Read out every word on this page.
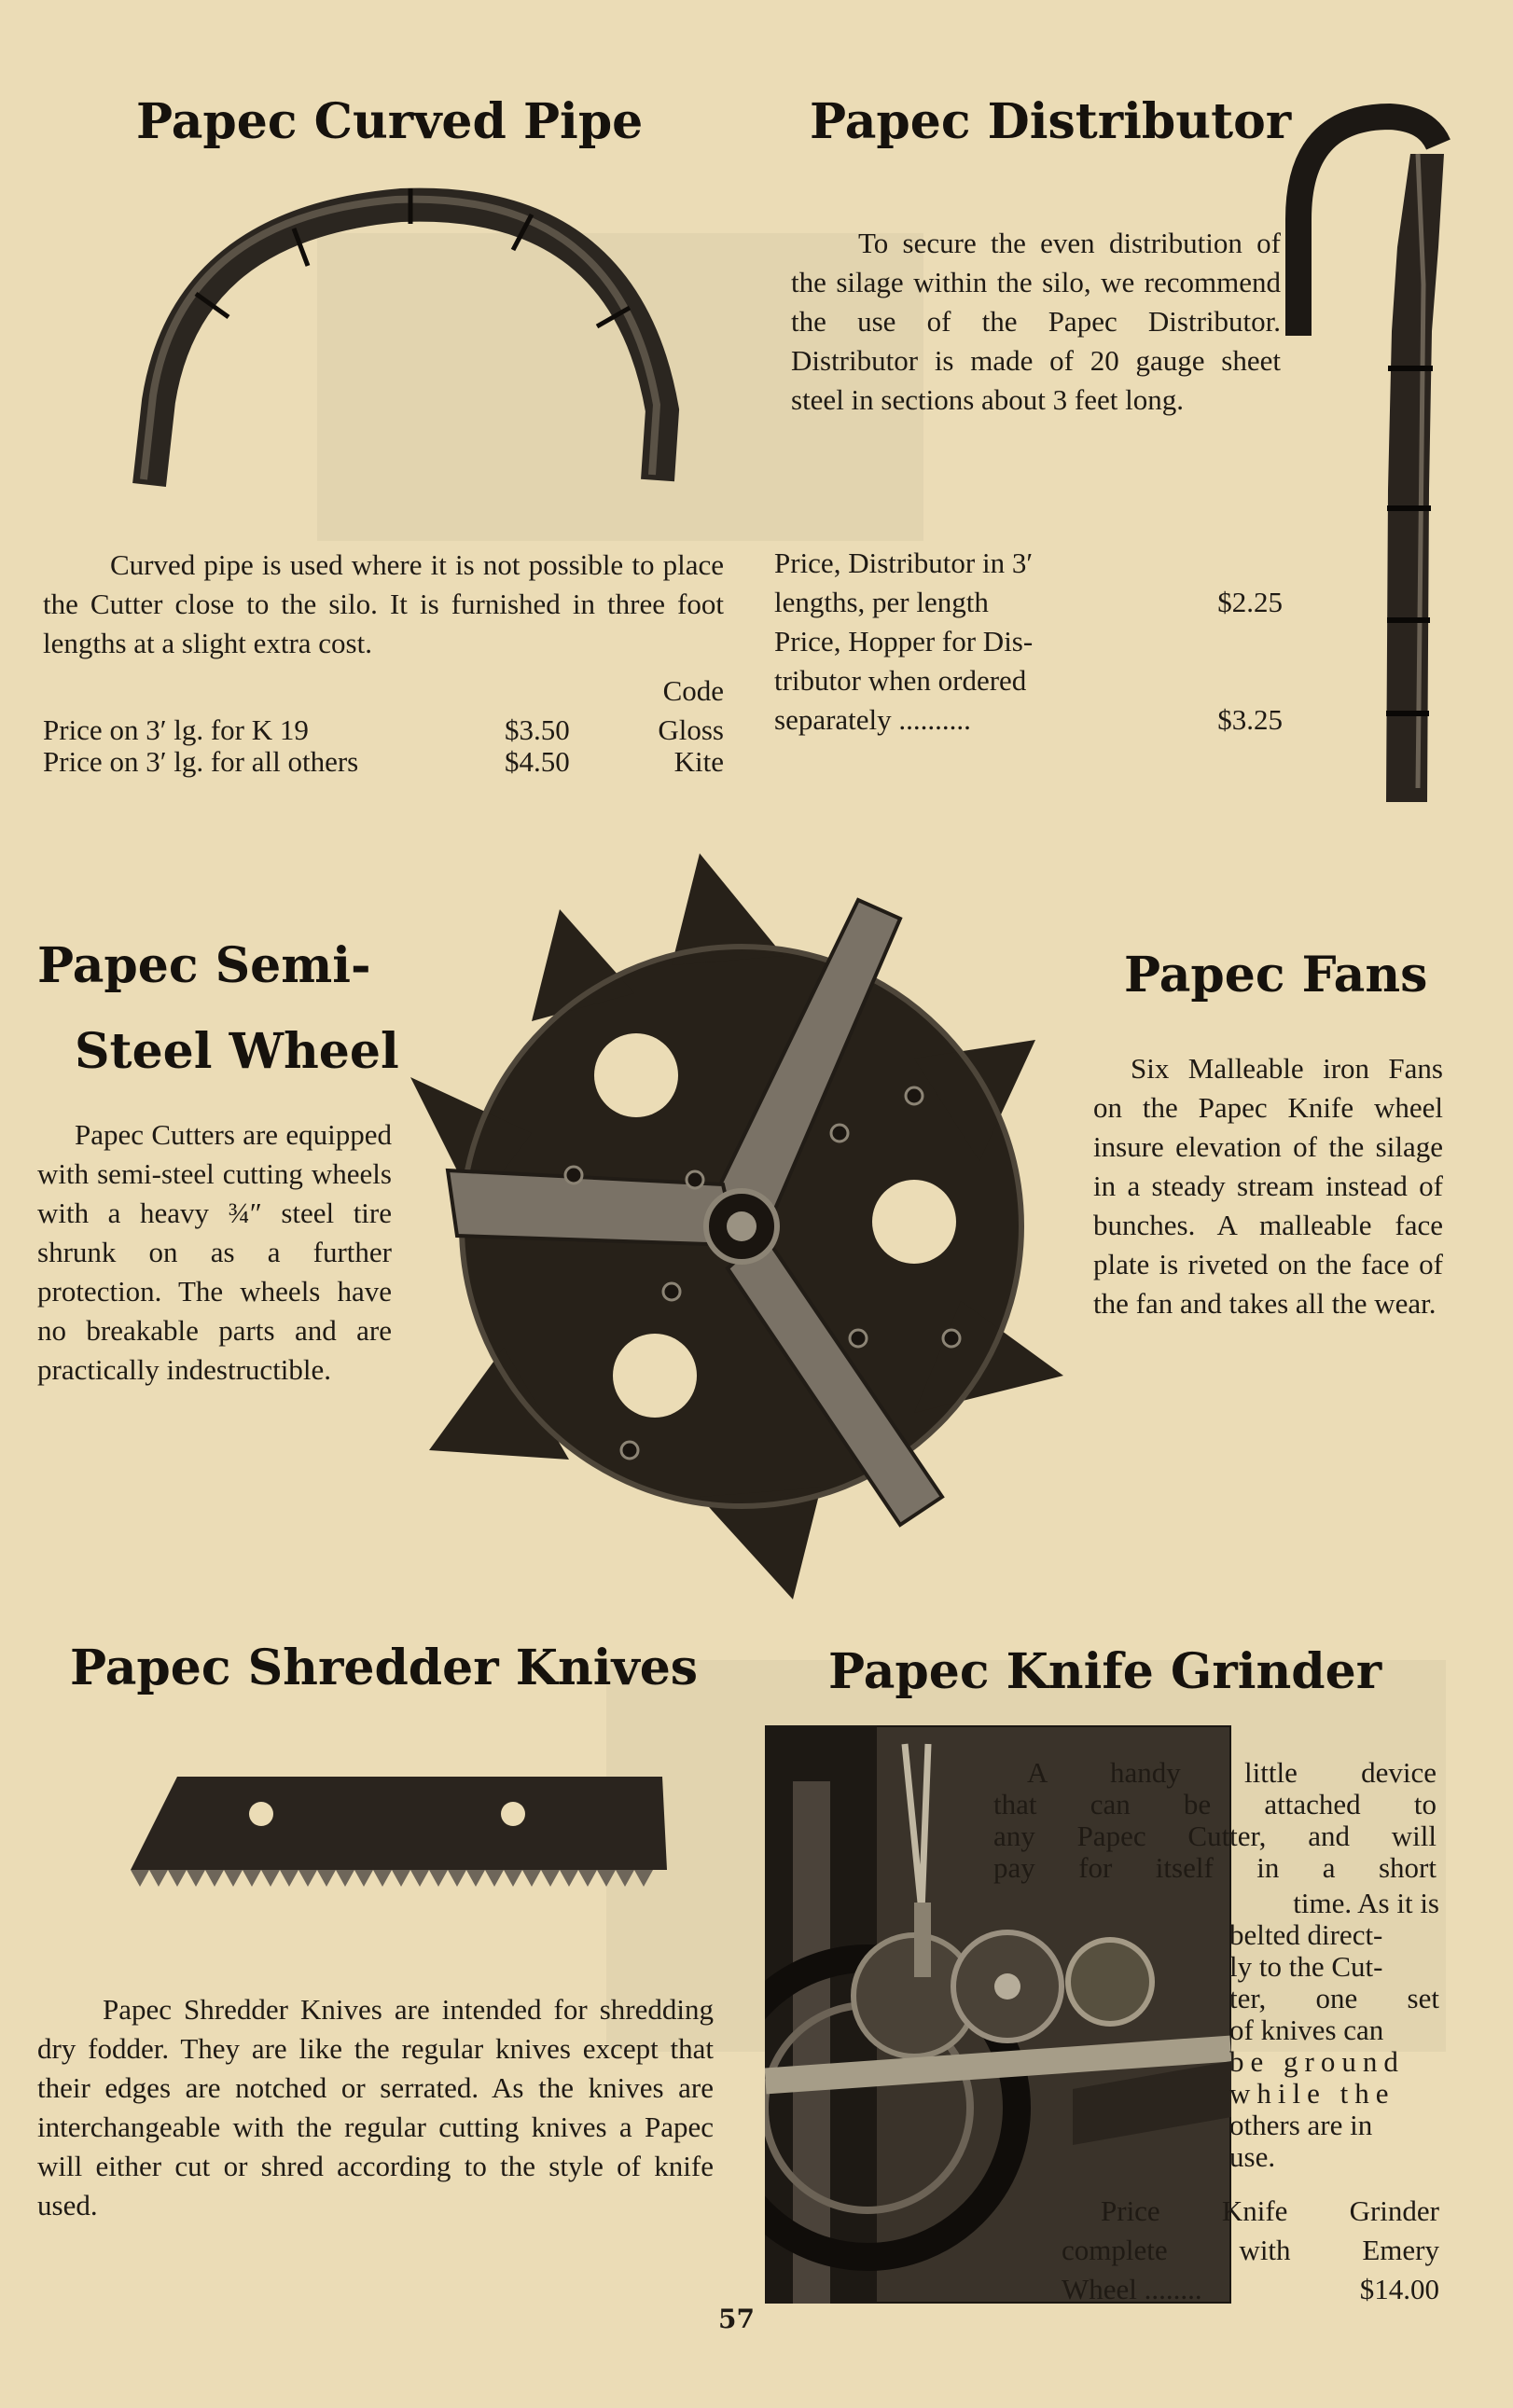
Papec Curved Pipe

Curved pipe is used where it is not possible to place the Cutter close to the silo. It is furnished in three foot lengths at a slight extra cost.

Code
Price on 3′ lg. for K 19	$3.50	Gloss
Price on 3′ lg. for all others	$4.50	Kite
Papec Distributor

To secure the even distribution of the silage within the silo, we recommend the use of the Papec Distributor. Distributor is made of 20 gauge sheet steel in sections about 3 feet long.

Price, Distributor in 3′
lengths, per length	$2.25
Price, Hopper for Dis-
tributor when ordered
separately ..........	$3.25
Papec Semi-
Steel Wheel

Papec Cutters are equipped with semi-steel cutting wheels with a heavy ¾″ steel tire shrunk on as a further protection. The wheels have no breakable parts and are practically indestructible.

Papec Fans

Six Malleable iron Fans on the Papec Knife wheel insure elevation of the silage in a steady stream instead of bunches. A malleable face plate is riveted on the face of the fan and takes all the wear.

Papec Shredder Knives

Papec Shredder Knives are intended for shredding dry fodder. They are like the regular knives except that their edges are notched or serrated. As the knives are interchangeable with the regular cutting knives a Papec will either cut or shred according to the style of knife used.

Papec Knife Grinder
A handy little device
that can be attached to
any Papec Cutter, and will
pay for itself in a short
time. As it is
belted direct-
ly to the Cut-
ter, one set
of knives can
be ground
while the
others are in
use.
Price Knife Grinder
complete with Emery
Wheel ........	$14.00
57
